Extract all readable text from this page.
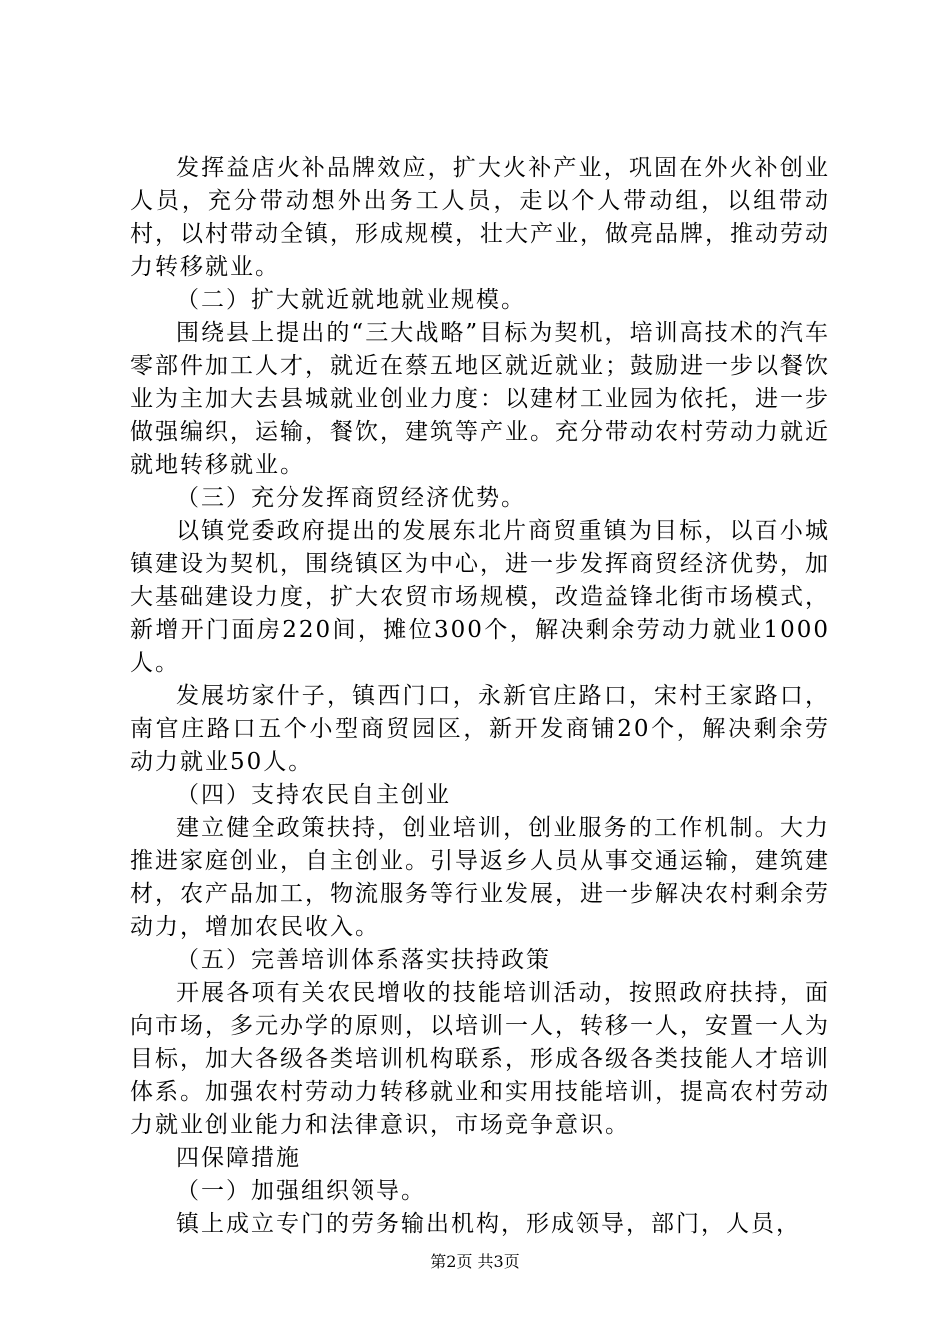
发挥益店火补品牌效应，扩大火补产业，巩固在外火补创业人员，充分带动想外出务工人员，走以个人带动组，以组带动村，以村带动全镇，形成规模，壮大产业，做亮品牌，推动劳动力转移就业。

（二）扩大就近就地就业规模。

围绕县上提出的“三大战略”目标为契机，培训高技术的汽车零部件加工人才，就近在蔡五地区就近就业；鼓励进一步以餐饮业为主加大去县城就业创业力度：以建材工业园为依托，进一步做强编织，运输，餐饮，建筑等产业。充分带动农村劳动力就近就地转移就业。

（三）充分发挥商贸经济优势。

以镇党委政府提出的发展东北片商贸重镇为目标，以百小城镇建设为契机，围绕镇区为中心，进一步发挥商贸经济优势，加大基础建设力度，扩大农贸市场规模，改造益锋北街市场模式，新增开门面房220间，摊位300个，解决剩余劳动力就业1000人。

发展坊家什子，镇西门口，永新官庄路口，宋村王家路口，南官庄路口五个小型商贸园区，新开发商铺20个，解决剩余劳动力就业50人。

（四）支持农民自主创业

建立健全政策扶持，创业培训，创业服务的工作机制。大力推进家庭创业，自主创业。引导返乡人员从事交通运输，建筑建材，农产品加工，物流服务等行业发展，进一步解决农村剩余劳动力，增加农民收入。

（五）完善培训体系落实扶持政策

开展各项有关农民增收的技能培训活动，按照政府扶持，面向市场，多元办学的原则，以培训一人，转移一人，安置一人为目标，加大各级各类培训机构联系，形成各级各类技能人才培训体系。加强农村劳动力转移就业和实用技能培训，提高农村劳动力就业创业能力和法律意识，市场竞争意识。

四保障措施

（一）加强组织领导。

镇上成立专门的劳务输出机构，形成领导，部门，人员，

第2页 共3页
